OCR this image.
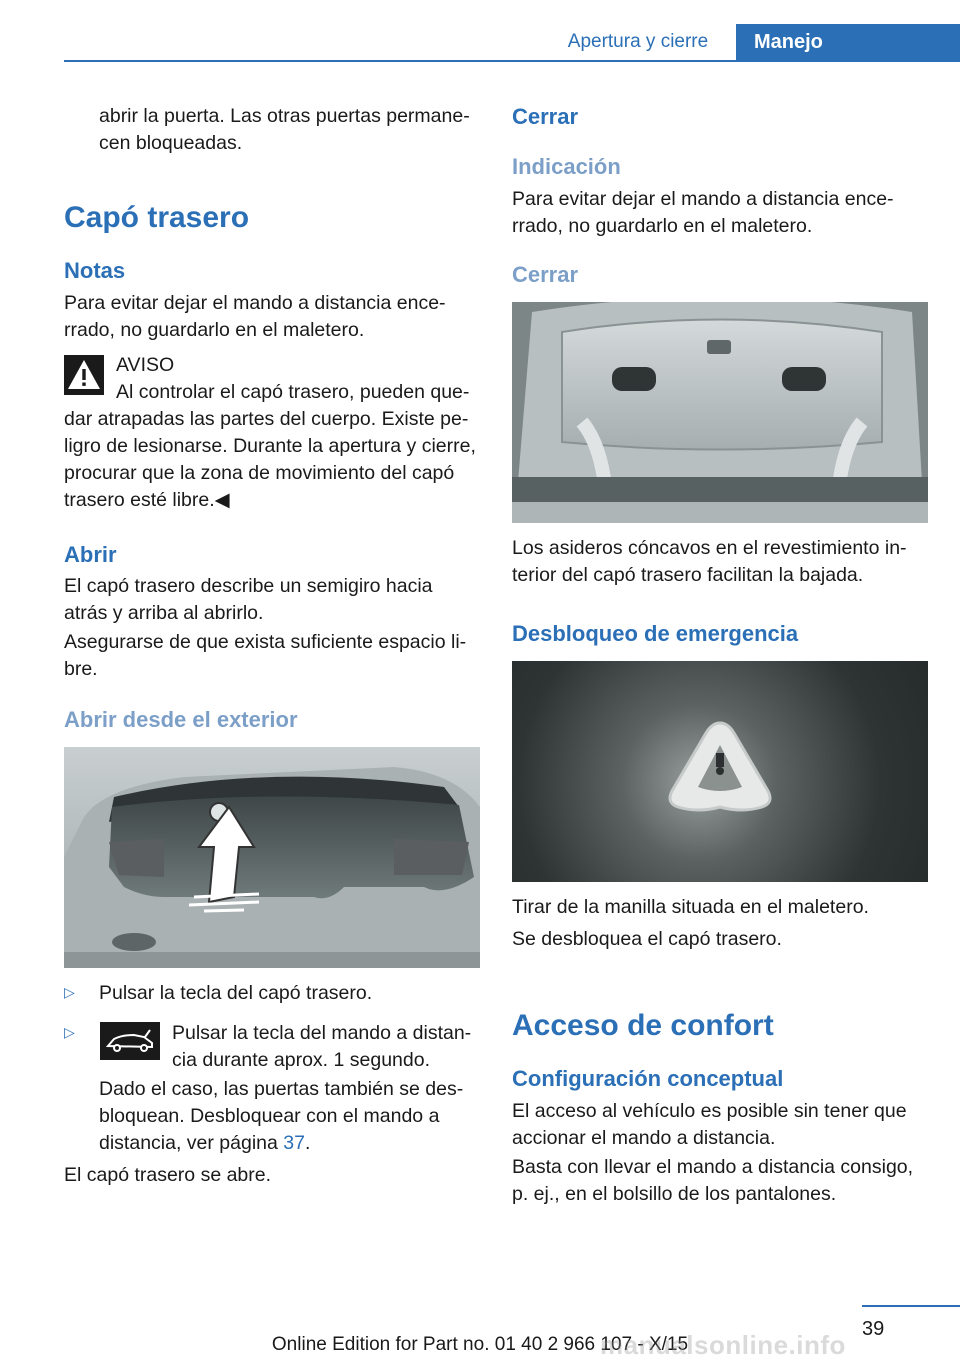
Apertura y cierre	Manejo

abrir la puerta. Las otras puertas permane‐
cen bloqueadas.

Capó trasero
Notas

Para evitar dejar el mando a distancia ence‐
rrado, no guardarlo en el maletero.

AVISO

Al controlar el capó trasero, pueden que‐

dar atrapadas las partes del cuerpo. Existe pe‐
ligro de lesionarse. Durante la apertura y cierre,
procurar que la zona de movimiento del capó
trasero esté libre.◀

Abrir

El capó trasero describe un semigiro hacia
atrás y arriba al abrirlo.

Asegurarse de que exista suficiente espacio li‐
bre.

Abrir desde el exterior
▷ Pulsar la tecla del capó trasero.

▷	Pulsar la tecla del mando a distan‐
cia durante aprox. 1 segundo.

Dado el caso, las puertas también se des‐
bloquean. Desbloquear con el mando a
distancia, ver página 37.

El capó trasero se abre.

Cerrar
Indicación

Para evitar dejar el mando a distancia ence‐
rrado, no guardarlo en el maletero.

Cerrar

Los asideros cóncavos en el revestimiento in‐
terior del capó trasero facilitan la bajada.

Desbloqueo de emergencia

Tirar de la manilla situada en el maletero.

Se desbloquea el capó trasero.

Acceso de confort
Configuración conceptual

El acceso al vehículo es posible sin tener que
accionar el mando a distancia.

Basta con llevar el mando a distancia consigo,
p. ej., en el bolsillo de los pantalones.

39
Online Edition for Part no. 01 40 2 966 107 - X/15
manualsonline.info
